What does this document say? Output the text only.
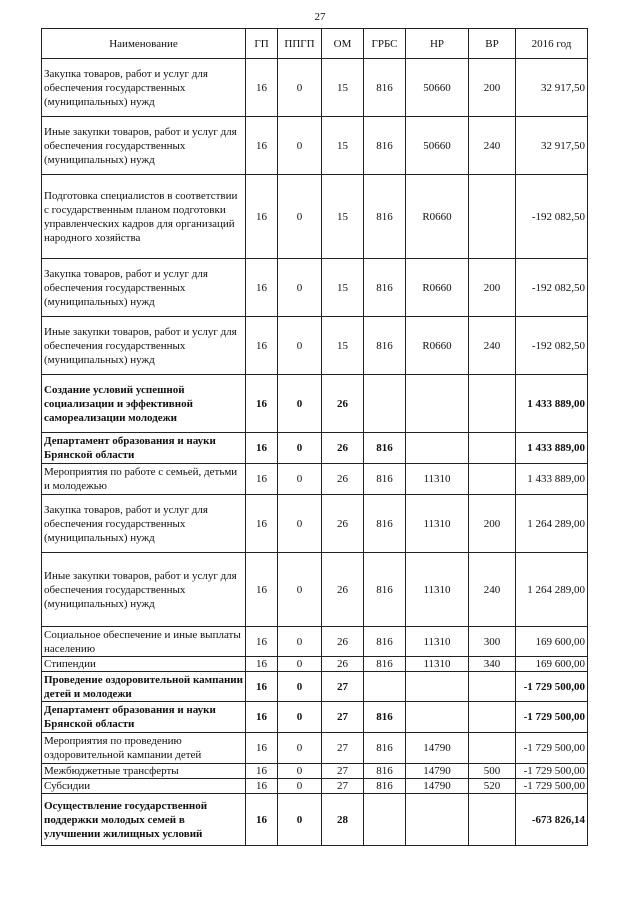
27
Наименование	ГП	ППГП	ОМ	ГРБС	НР	ВР	2016 год
Закупка товаров, работ и услуг для обеспечения государственных (муниципальных) нужд	16	0	15	816	50660	200	32 917,50
Иные закупки товаров, работ и услуг для обеспечения государственных (муниципальных) нужд	16	0	15	816	50660	240	32 917,50
Подготовка специалистов в соответствии с государственным планом подготовки управленческих кадров для организаций народного хозяйства	16	0	15	816	R0660		-192 082,50
Закупка товаров, работ и услуг для обеспечения государственных (муниципальных) нужд	16	0	15	816	R0660	200	-192 082,50
Иные закупки товаров, работ и услуг для обеспечения государственных (муниципальных) нужд	16	0	15	816	R0660	240	-192 082,50
Создание условий успешной социализации и эффективной самореализации молодежи	16	0	26				1 433 889,00
Департамент образования и науки Брянской области	16	0	26	816			1 433 889,00
Мероприятия по работе с семьей, детьми и молодежью	16	0	26	816	11310		1 433 889,00
Закупка товаров, работ и услуг для обеспечения государственных (муниципальных) нужд	16	0	26	816	11310	200	1 264 289,00
Иные закупки товаров, работ и услуг для обеспечения государственных (муниципальных) нужд	16	0	26	816	11310	240	1 264 289,00
Социальное обеспечение и иные выплаты населению	16	0	26	816	11310	300	169 600,00
Стипендии	16	0	26	816	11310	340	169 600,00
Проведение оздоровительной кампании детей и молодежи	16	0	27				-1 729 500,00
Департамент образования и науки Брянской области	16	0	27	816			-1 729 500,00
Мероприятия по проведению оздоровительной кампании детей	16	0	27	816	14790		-1 729 500,00
Межбюджетные трансферты	16	0	27	816	14790	500	-1 729 500,00
Субсидии	16	0	27	816	14790	520	-1 729 500,00
Осуществление государственной поддержки молодых семей в улучшении жилищных условий	16	0	28				-673 826,14
